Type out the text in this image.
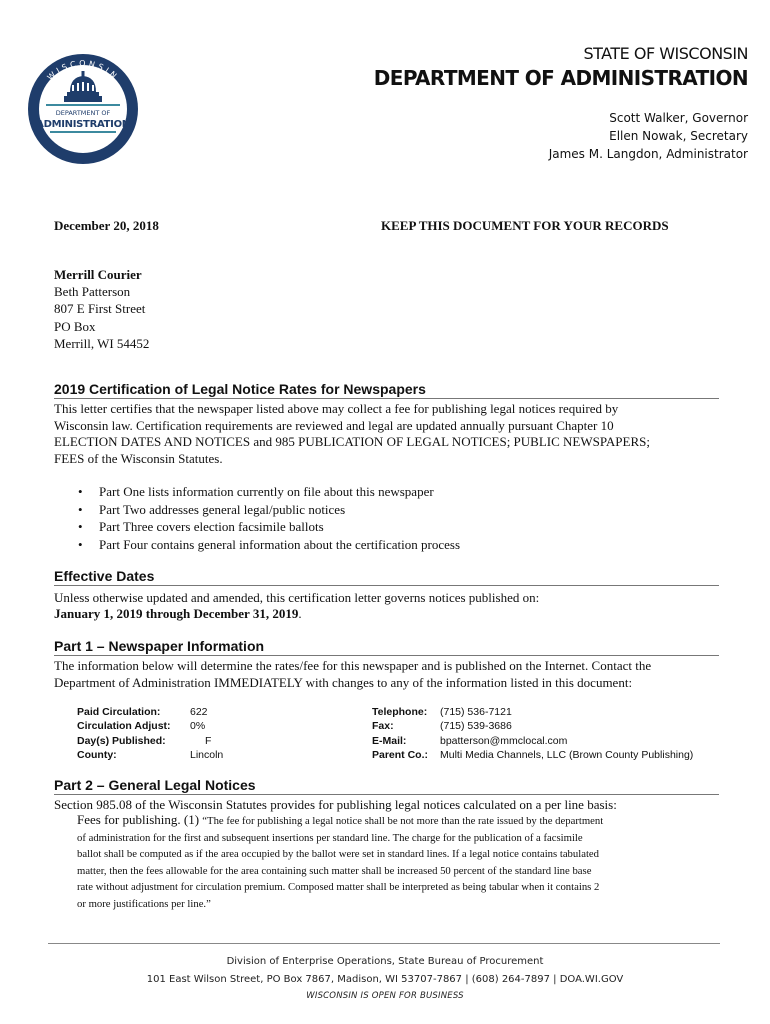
WISCONSIN
DEPARTMENT OF
ADMINISTRATION
DOA.WI.GOV
STATE OF WISCONSIN
DEPARTMENT OF ADMINISTRATION
Scott Walker, Governor
Ellen Nowak, Secretary
James M. Langdon, Administrator
December 20, 2018	KEEP THIS DOCUMENT FOR YOUR RECORDS
Merrill Courier
Beth Patterson
807 E First Street
PO Box
Merrill, WI 54452
2019 Certification of Legal Notice Rates for Newspapers
This letter certifies that the newspaper listed above may collect a fee for publishing legal notices required by
Wisconsin law. Certification requirements are reviewed and legal are updated annually pursuant Chapter 10
ELECTION DATES AND NOTICES and 985 PUBLICATION OF LEGAL NOTICES; PUBLIC NEWSPAPERS;
FEES of the Wisconsin Statutes.
• Part One lists information currently on file about this newspaper
• Part Two addresses general legal/public notices
• Part Three covers election facsimile ballots
• Part Four contains general information about the certification process
Effective Dates
Unless otherwise updated and amended, this certification letter governs notices published on:
January 1, 2019 through December 31, 2019.
Part 1 – Newspaper Information
The information below will determine the rates/fee for this newspaper and is published on the Internet. Contact the
Department of Administration IMMEDIATELY with changes to any of the information listed in this document:
Paid Circulation:
Circulation Adjust:
Day(s) Published:
County:
622
0%
F
Lincoln
Telephone:
Fax:
E-Mail:
Parent Co.:
(715) 536-7121
(715) 539-3686
bpatterson@mmclocal.com
Multi Media Channels, LLC (Brown County Publishing)
Part 2 – General Legal Notices
Section 985.08 of the Wisconsin Statutes provides for publishing legal notices calculated on a per line basis:
Fees for publishing. (1) “The fee for publishing a legal notice shall be not more than the rate issued by the department
of administration for the first and subsequent insertions per standard line. The charge for the publication of a facsimile
ballot shall be computed as if the area occupied by the ballot were set in standard lines. If a legal notice contains tabulated
matter, then the fees allowable for the area containing such matter shall be increased 50 percent of the standard line base
rate without adjustment for circulation premium. Composed matter shall be interpreted as being tabular when it contains 2
or more justifications per line.”
Division of Enterprise Operations, State Bureau of Procurement
101 East Wilson Street, PO Box 7867, Madison, WI 53707-7867 | (608) 264-7897 | DOA.WI.GOV
WISCONSIN IS OPEN FOR BUSINESS
